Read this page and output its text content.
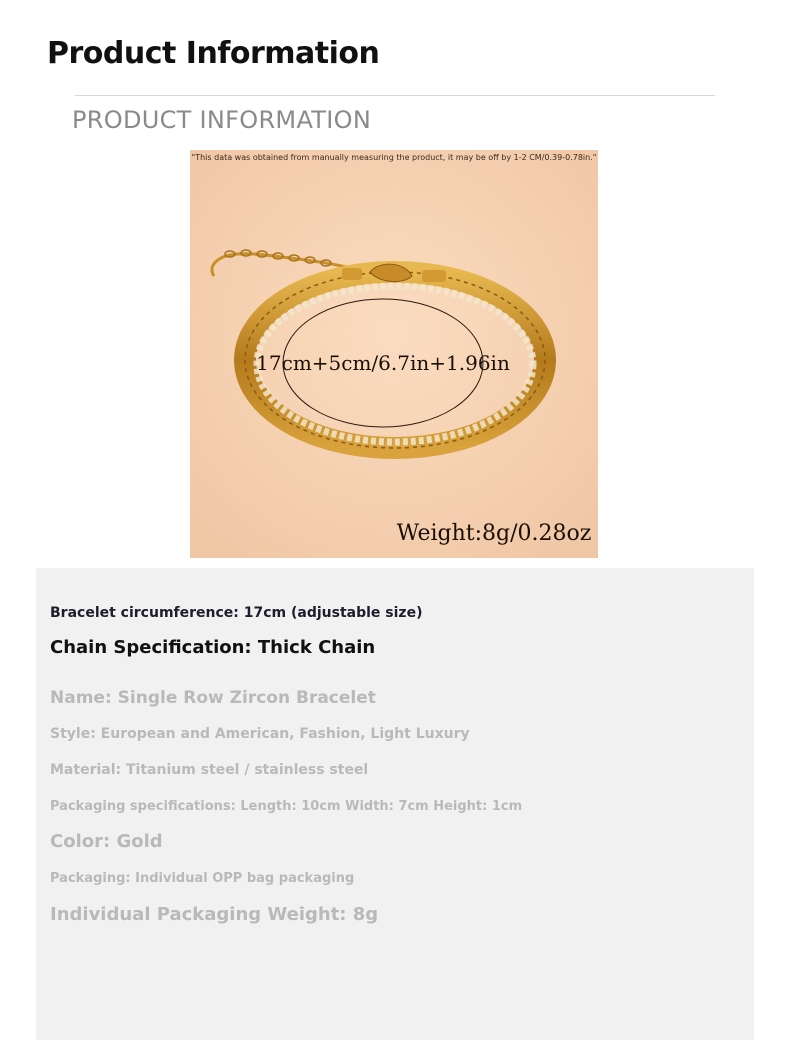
Product Information
PRODUCT INFORMATION
"This data was obtained from manually measuring the product, it may be off by 1-2 CM/0.39-0.78in."
17cm+5cm/6.7in+1.96in
Weight:8g/0.28oz
Bracelet circumference: 17cm (adjustable size)
Chain Specification: Thick Chain
Name: Single Row Zircon Bracelet
Style: European and American, Fashion, Light Luxury
Material: Titanium steel / stainless steel
Packaging specifications: Length: 10cm Width: 7cm Height: 1cm
Color: Gold
Packaging: Individual OPP bag packaging
Individual Packaging Weight: 8g
